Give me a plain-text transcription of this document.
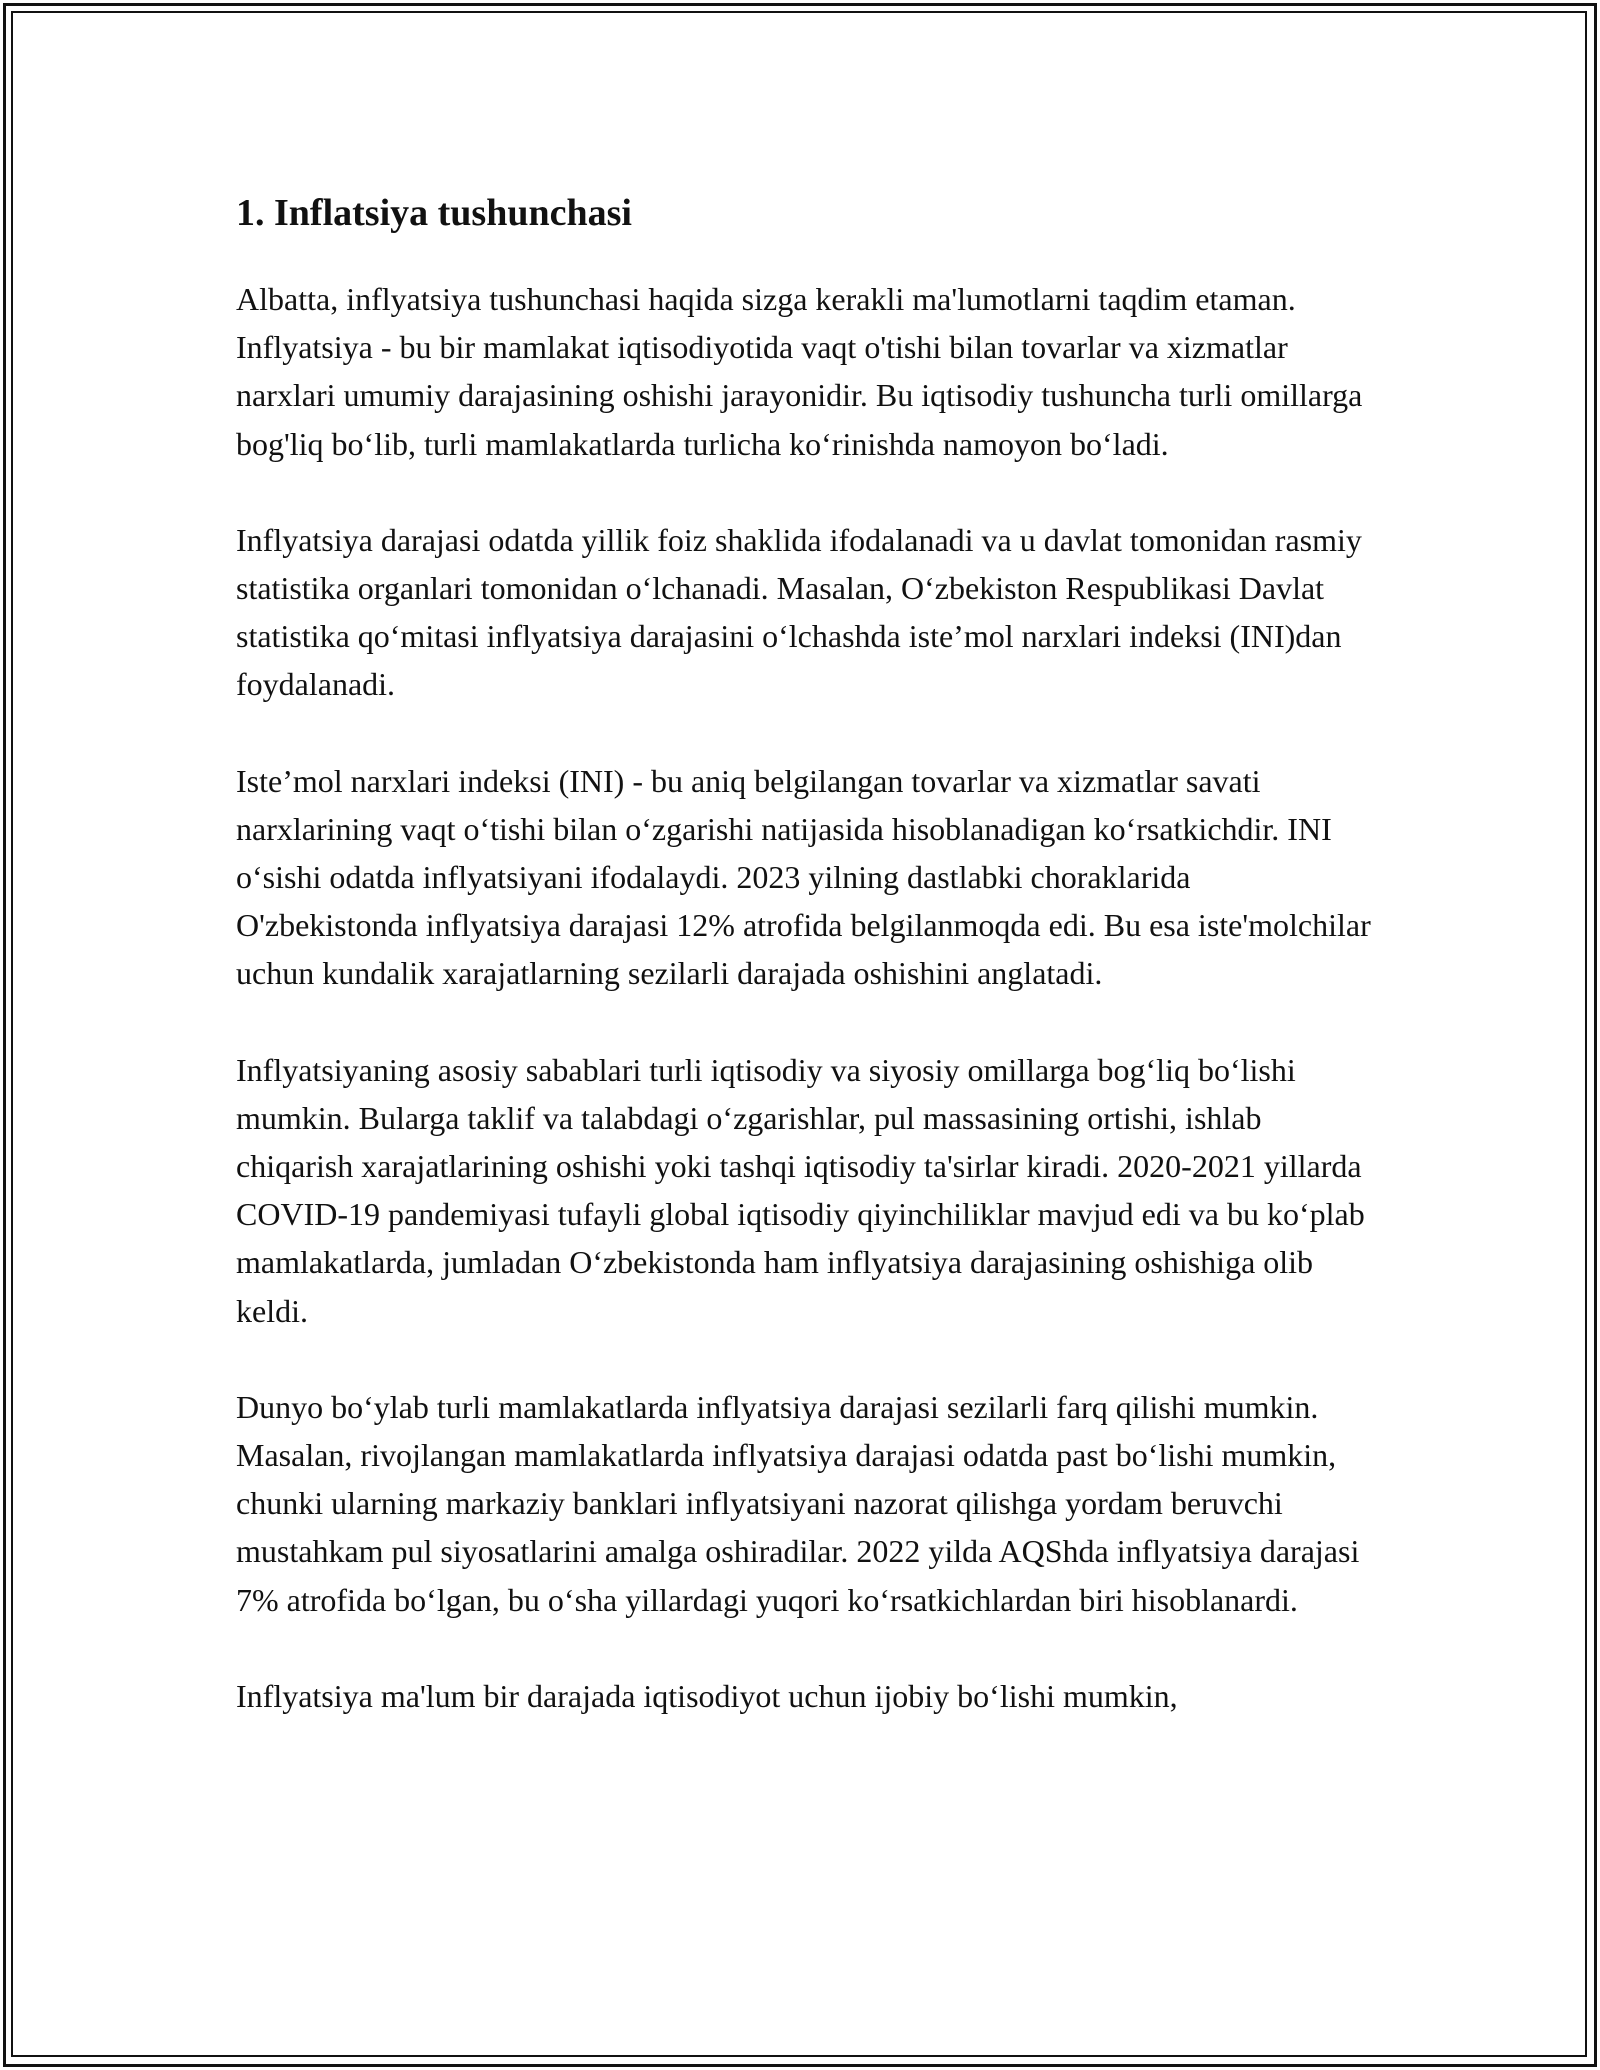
1. Inflatsiya tushunchasi

Albatta, inflyatsiya tushunchasi haqida sizga kerakli ma'lumotlarni taqdim etaman. Inflyatsiya - bu bir mamlakat iqtisodiyotida vaqt o'tishi bilan tovarlar va xizmatlar narxlari umumiy darajasining oshishi jarayonidir. Bu iqtisodiy tushuncha turli omillarga bog'liq bo‘lib, turli mamlakatlarda turlicha ko‘rinishda namoyon bo‘ladi.

Inflyatsiya darajasi odatda yillik foiz shaklida ifodalanadi va u davlat tomonidan rasmiy statistika organlari tomonidan o‘lchanadi. Masalan, O‘zbekiston Respublikasi Davlat statistika qo‘mitasi inflyatsiya darajasini o‘lchashda iste’mol narxlari indeksi (INI)dan foydalanadi.

Iste’mol narxlari indeksi (INI) - bu aniq belgilangan tovarlar va xizmatlar savati narxlarining vaqt o‘tishi bilan o‘zgarishi natijasida hisoblanadigan ko‘rsatkichdir. INI o‘sishi odatda inflyatsiyani ifodalaydi. 2023 yilning dastlabki choraklarida O'zbekistonda inflyatsiya darajasi 12% atrofida belgilanmoqda edi. Bu esa iste'molchilar uchun kundalik xarajatlarning sezilarli darajada oshishini anglatadi.

Inflyatsiyaning asosiy sabablari turli iqtisodiy va siyosiy omillarga bog‘liq bo‘lishi mumkin. Bularga taklif va talabdagi o‘zgarishlar, pul massasining ortishi, ishlab chiqarish xarajatlarining oshishi yoki tashqi iqtisodiy ta'sirlar kiradi. 2020-2021 yillarda COVID-19 pandemiyasi tufayli global iqtisodiy qiyinchiliklar mavjud edi va bu ko‘plab mamlakatlarda, jumladan O‘zbekistonda ham inflyatsiya darajasining oshishiga olib keldi.

Dunyo bo‘ylab turli mamlakatlarda inflyatsiya darajasi sezilarli farq qilishi mumkin. Masalan, rivojlangan mamlakatlarda inflyatsiya darajasi odatda past bo‘lishi mumkin, chunki ularning markaziy banklari inflyatsiyani nazorat qilishga yordam beruvchi mustahkam pul siyosatlarini amalga oshiradilar. 2022 yilda AQShda inflyatsiya darajasi 7% atrofida bo‘lgan, bu o‘sha yillardagi yuqori ko‘rsatkichlardan biri hisoblanardi.

Inflyatsiya ma'lum bir darajada iqtisodiyot uchun ijobiy bo‘lishi mumkin,
